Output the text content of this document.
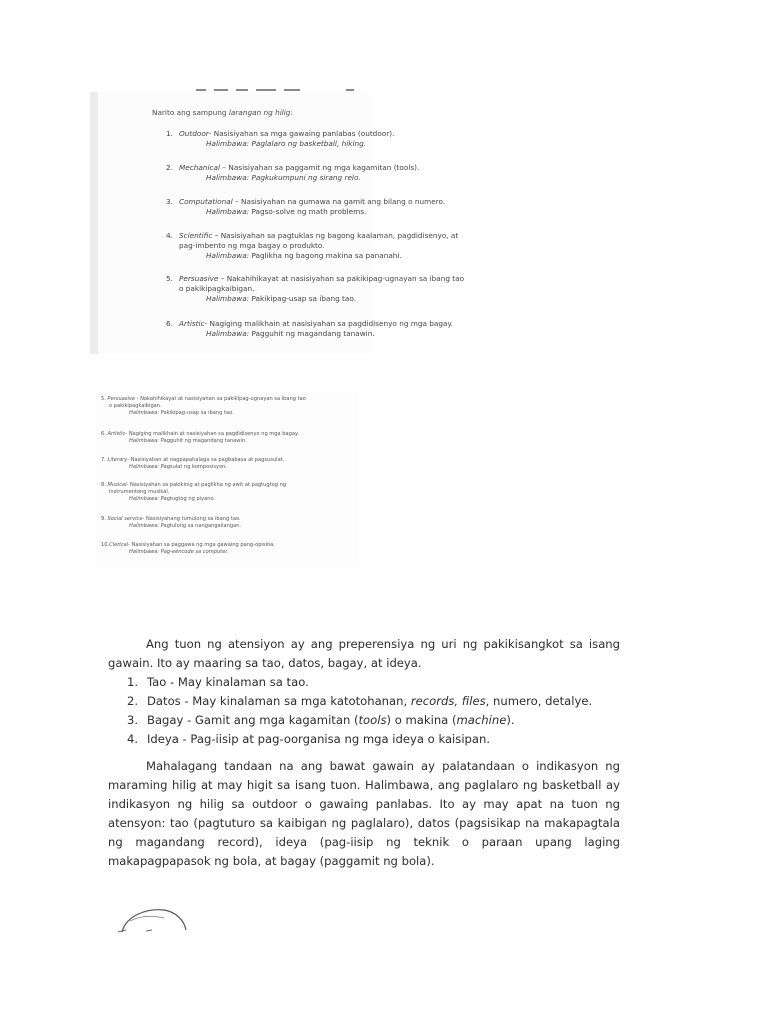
Narito ang sampung larangan ng hilig:
1. Outdoor- Nasisiyahan sa mga gawaing panlabas (outdoor).
Halimbawa: Paglalaro ng basketball, hiking.
2. Mechanical – Nasisiyahan sa paggamit ng mga kagamitan (tools).
Halimbawa: Pagkukumpuni ng sirang relo.
3. Computational – Nasisiyahan na gumawa na gamit ang bilang o numero.
Halimbawa: Pagso-solve ng math problems.
4. Scientific – Nasisiyahan sa pagtuklas ng bagong kaalaman, pagdidisenyo, at
pag-imbento ng mga bagay o produkto.
Halimbawa: Paglikha ng bagong makina sa pananahi.
5. Persuasive – Nakahihikayat at nasisiyahan sa pakikipag-ugnayan sa ibang tao
o pakikipagkaibigan.
Halimbawa: Pakikipag-usap sa ibang tao.
6. Artistic- Nagiging malikhain at nasisiyahan sa pagdidisenyo ng mga bagay.
Halimbawa: Pagguhit ng magandang tanawin.
5. Persuasive - Nakahihikayat at nasisiyahan sa pakikipag-ugnayan sa ibang tao
o pakikipagkaibigan.
Halimbawa: Pakikipag-usap sa ibang tao.
6. Artistic- Nagiging malikhain at nasisiyahan sa pagdidisenyo ng mga bagay.
Halimbawa: Pagguhit ng magandang tanawin.
7. Literary- Nasisiyahan at nagpapahalaga sa pagbabasa at pagsusulat.
Halimbawa: Pagsulat ng komposisyon.
8. Musical- Nasisiyahan sa pakikinig at paglikha ng awit at pagtugtog ng
instrumentong musikal.
Halimbawa: Pagtugtog ng piyano.
9. Social service- Nasisiyahang tumulong sa ibang tao.
Halimbawa: Pagtulong sa nangangailangan.
10.Clerical- Nasisiyahan sa paggawa ng mga gawaing pang-opisina.
Halimbawa: Pag-eencode sa computer.
Ang tuon ng atensiyon ay ang preperensiya ng uri ng pakikisangkot sa isang gawain. Ito ay maaring sa tao, datos, bagay, at ideya.
1. Tao - May kinalaman sa tao.
2. Datos - May kinalaman sa mga katotohanan, records, files, numero, detalye.
3. Bagay - Gamit ang mga kagamitan (tools) o makina (machine).
4. Ideya - Pag-iisip at pag-oorganisa ng mga ideya o kaisipan.
Mahalagang tandaan na ang bawat gawain ay palatandaan o indikasyon ng maraming hilig at may higit sa isang tuon. Halimbawa, ang paglalaro ng basketball ay indikasyon ng hilig sa outdoor o gawaing panlabas. Ito ay may apat na tuon ng atensyon: tao (pagtuturo sa kaibigan ng paglalaro), datos (pagsisikap na makapagtala ng magandang record), ideya (pag-iisip ng teknik o paraan upang laging makapagpapasok ng bola, at bagay (paggamit ng bola).
